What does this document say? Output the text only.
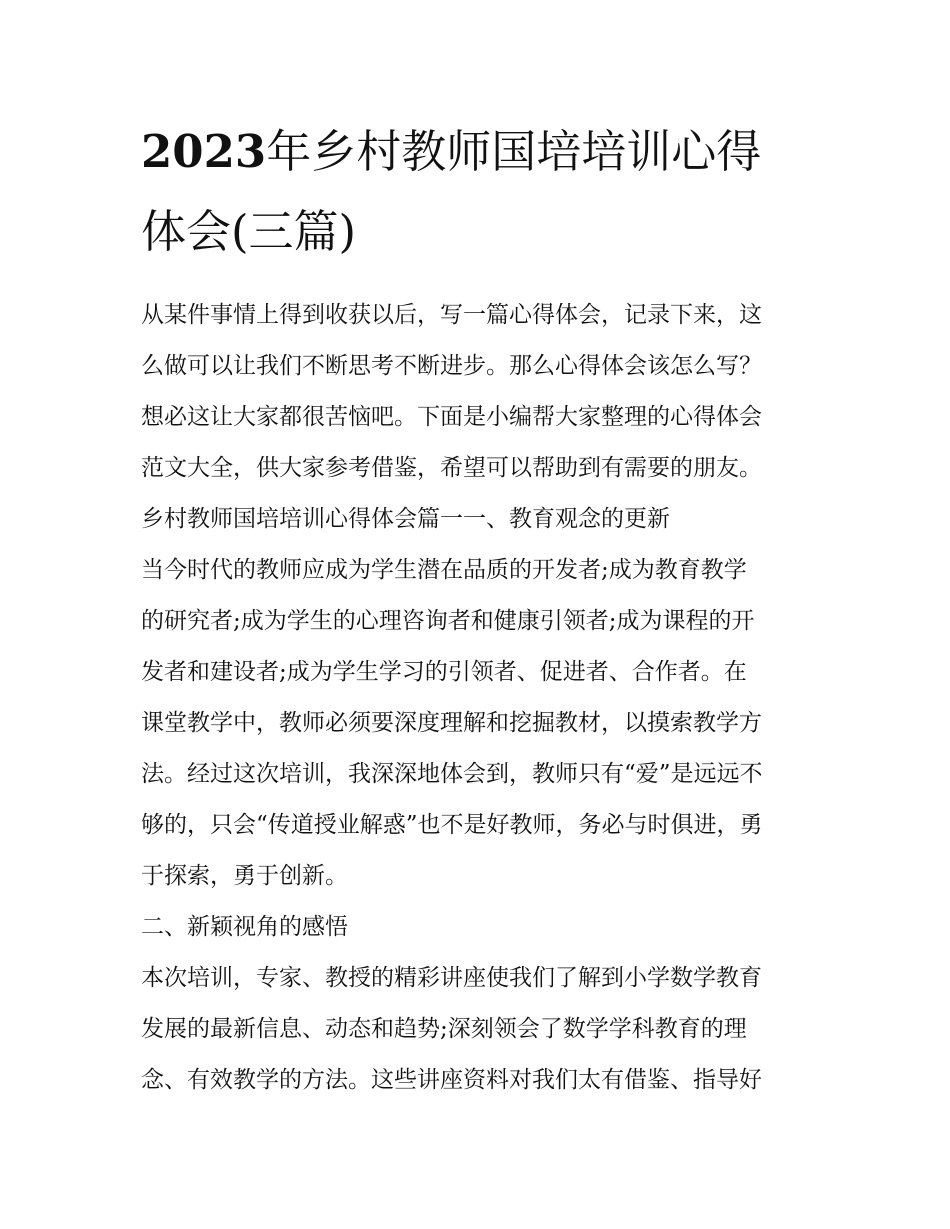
2023年乡村教师国培培训心得
体会(三篇)
从某件事情上得到收获以后，写一篇心得体会，记录下来，这
么做可以让我们不断思考不断进步。那么心得体会该怎么写？
想必这让大家都很苦恼吧。下面是小编帮大家整理的心得体会
范文大全，供大家参考借鉴，希望可以帮助到有需要的朋友。
乡村教师国培培训心得体会篇一一、教育观念的更新
当今时代的教师应成为学生潜在品质的开发者;成为教育教学
的研究者;成为学生的心理咨询者和健康引领者;成为课程的开
发者和建设者;成为学生学习的引领者、促进者、合作者。在
课堂教学中，教师必须要深度理解和挖掘教材，以摸索教学方
法。经过这次培训，我深深地体会到，教师只有“爱”是远远不
够的，只会“传道授业解惑”也不是好教师，务必与时俱进，勇
于探索，勇于创新。
二、新颖视角的感悟
本次培训，专家、教授的精彩讲座使我们了解到小学数学教育
发展的最新信息、动态和趋势;深刻领会了数学学科教育的理
念、有效教学的方法。这些讲座资料对我们太有借鉴、指导好
